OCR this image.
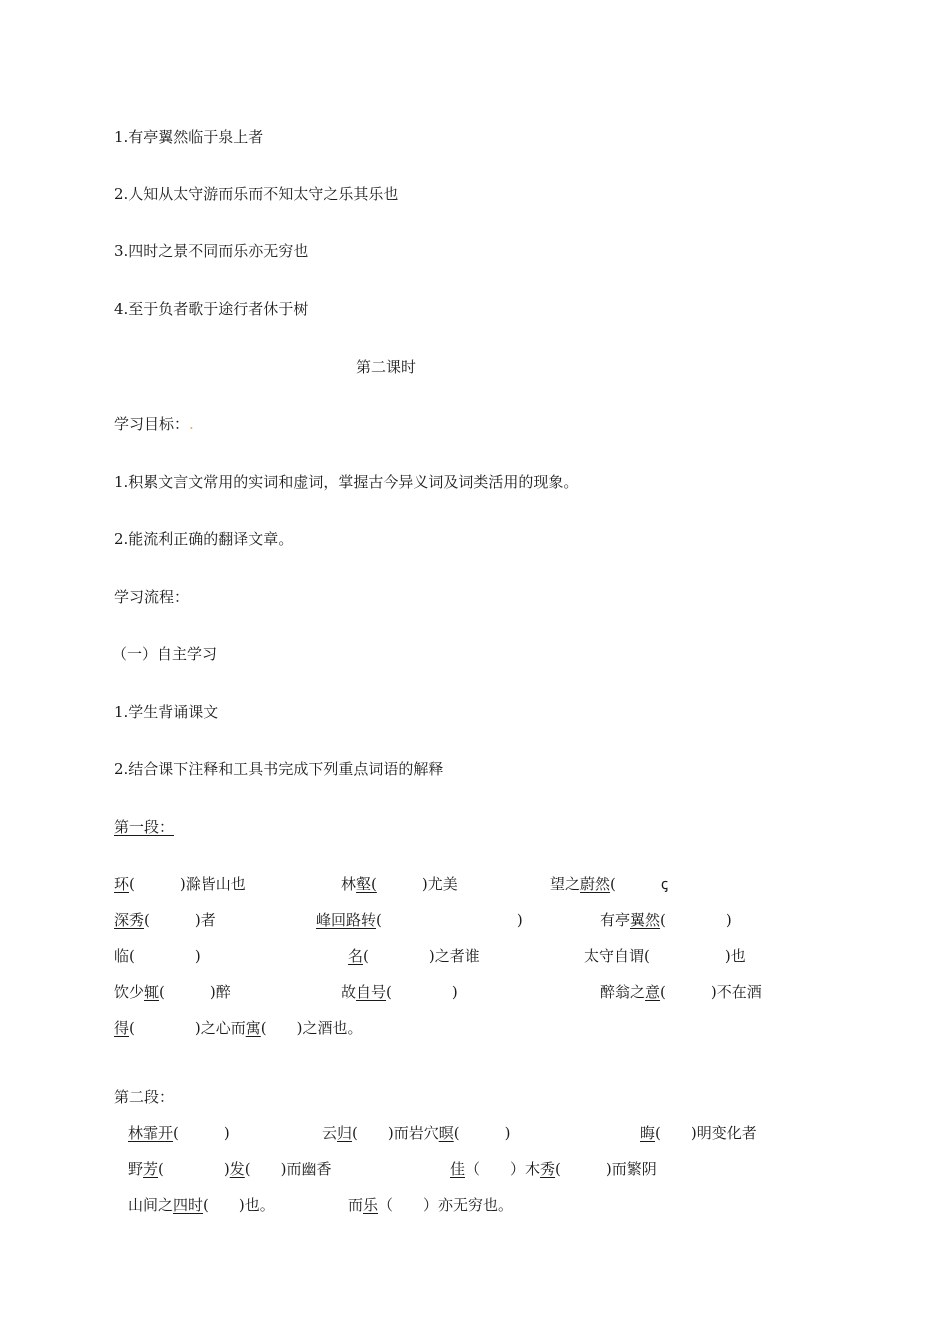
1.有亭翼然临于泉上者
2.人知从太守游而乐而不知太守之乐其乐也
3.四时之景不同而乐亦无穷也
4.至于负者歌于途行者休于树
第二课时
学习目标：.
1.积累文言文常用的实词和虚词，掌握古今异义词及词类活用的现象。
2.能流利正确的翻译文章。
学习流程：
（一）自主学习
1.学生背诵课文
2.结合课下注释和工具书完成下列重点词语的解释
第一段：
环(　　　)滁皆山也	林壑(　　　)尤美	望之蔚然(　　　ꞔ
深秀(　　　)者	峰回路转(　　　　　　　　　)	有亭翼然(　　　　)
临(　　　　)	名(　　　　)之者谁	太守自谓(　　　　　)也
饮少辄(　　　)醉	故自号(　　　　)	醉翁之意(　　　)不在酒
得(　　　　)之心而寓(　　)之酒也。
第二段：
林霏开(　　　)	云归(　　)而岩穴暝(　　　)	晦(　　)明变化者
野芳(　　　　)发(　　)而幽香	佳（　　）木秀(　　　)而繁阴
山间之四时(　　)也。	而乐（　　）亦无穷也。
